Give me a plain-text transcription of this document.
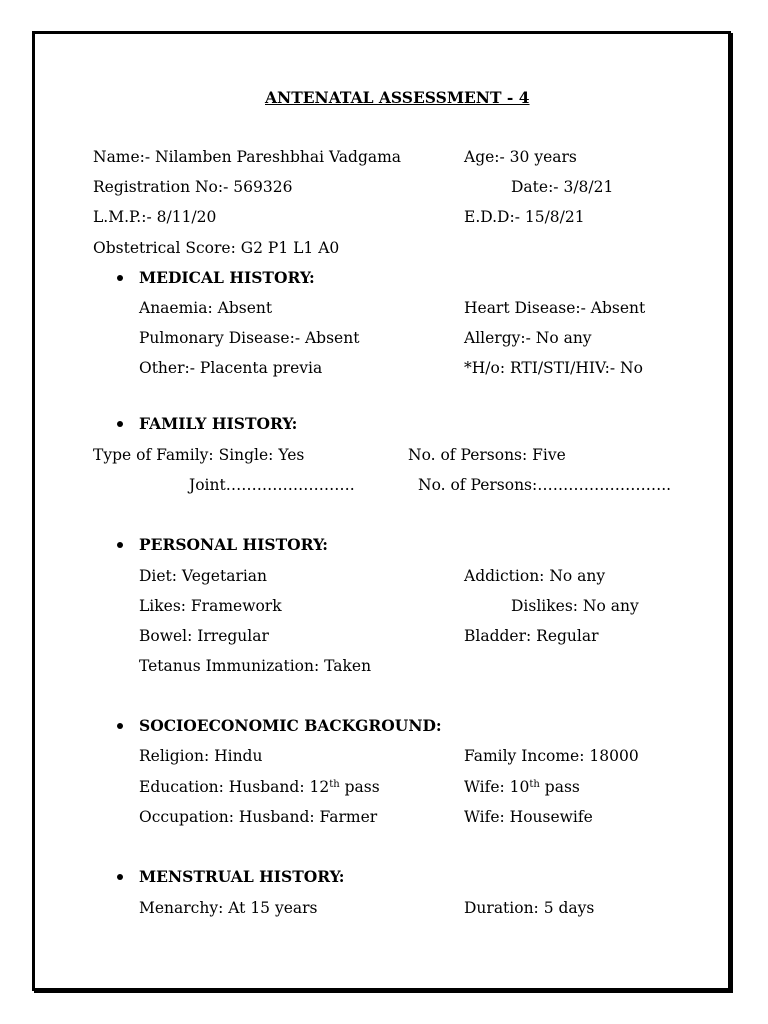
ANTENATAL ASSESSMENT - 4
Name:- Nilamben Pareshbhai Vadgama	Age:- 30 years
Registration No:- 569326	Date:- 3/8/21
L.M.P.:- 8/11/20	E.D.D:- 15/8/21
Obstetrical Score: G2 P1 L1 A0
MEDICAL HISTORY:
Anaemia: Absent	Heart Disease:- Absent
Pulmonary Disease:- Absent	Allergy:- No any
Other:- Placenta previa	*H/o: RTI/STI/HIV:- No
FAMILY HISTORY:
Type of Family: Single: Yes	No. of Persons: Five
Joint…………………….	No. of Persons:……………………..
PERSONAL HISTORY:
Diet: Vegetarian	Addiction: No any
Likes: Framework	Dislikes: No any
Bowel: Irregular	Bladder: Regular
Tetanus Immunization: Taken
SOCIOECONOMIC BACKGROUND:
Religion: Hindu	Family Income: 18000
Education: Husband: 12th pass	Wife: 10th pass
Occupation: Husband: Farmer	Wife: Housewife
MENSTRUAL HISTORY:
Menarchy: At 15 years	Duration: 5 days
